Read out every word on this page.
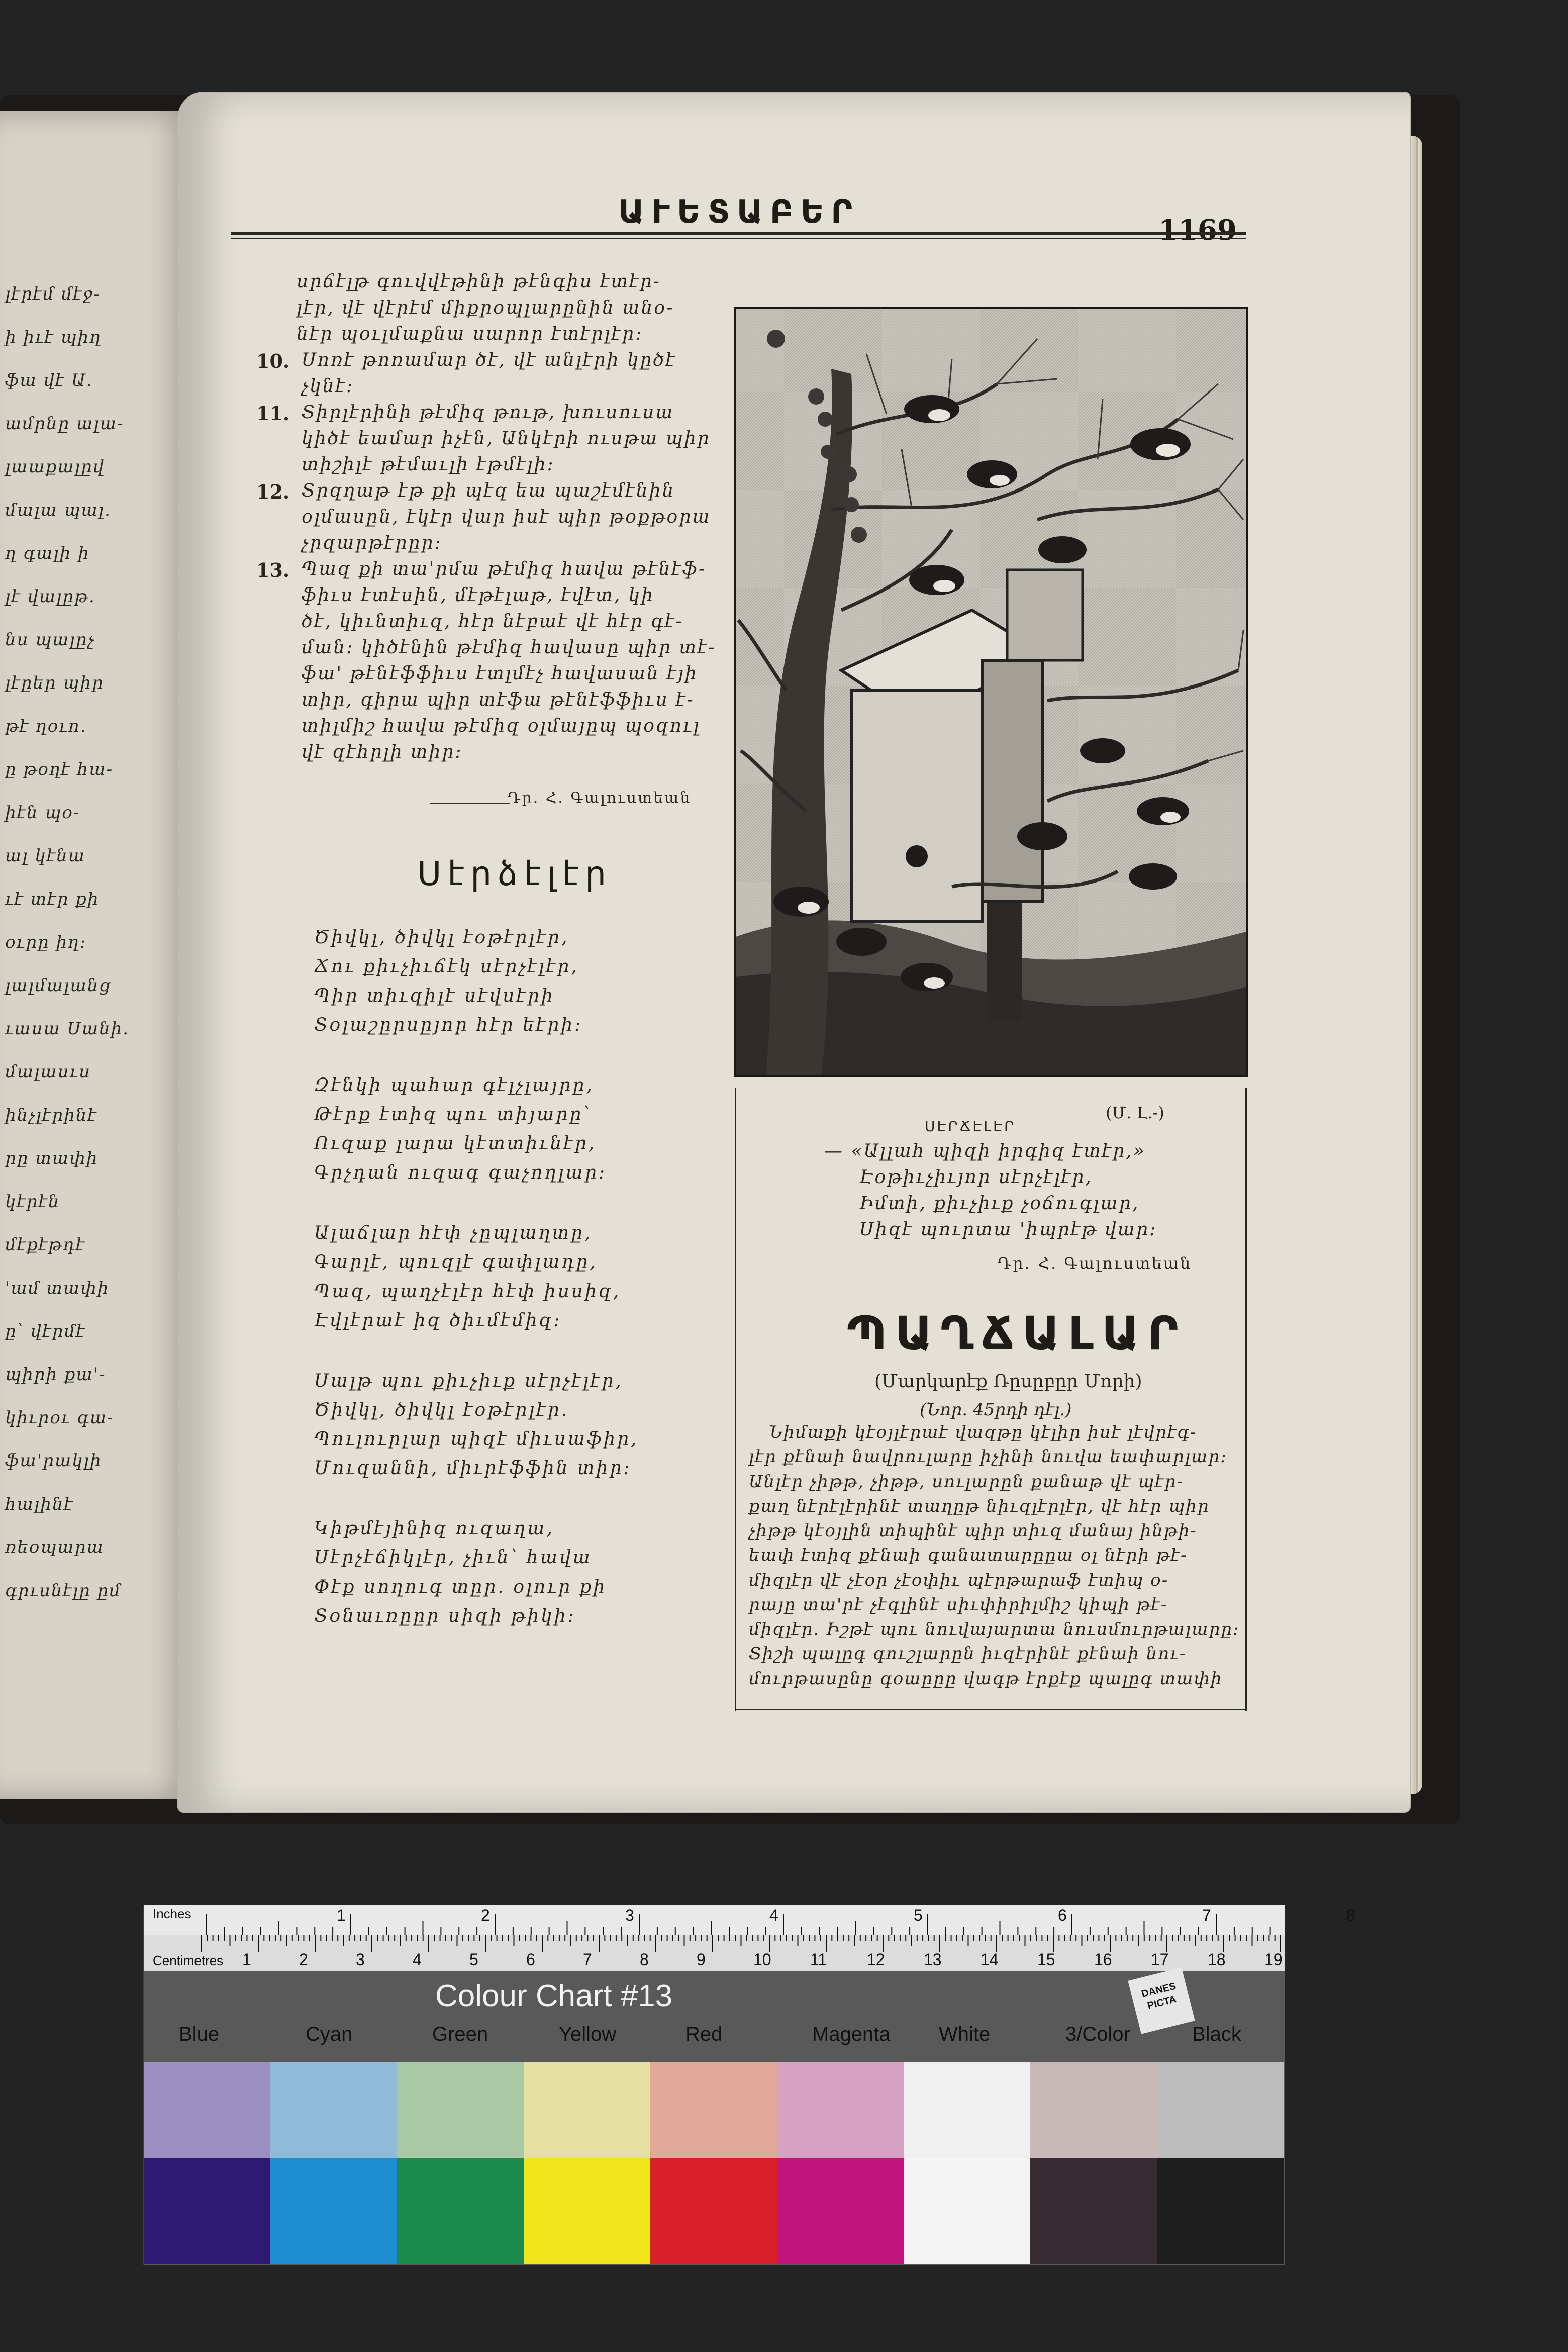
լէրէմ մէջ-
ի իւէ պիղ
ֆա վէ Ա.
ամրնը ալա-
լաաքալըվ
մալա պալ.
ղ գալի ի
լէ վալըթ.
նս պալըչ
լէըեր պիր
թէ ղօւո.
ը թօղէ հա-
իէն պօ-
ալ կէնա
ւէ տէր քի
օւրը իղ:
լալմալանց
ւասա Սանի.
մալասւս
ինչլէրինէ
րը տափի
կէրէն
մէքէթդէ
'ամ տափի
ը՝ վէրմէ
պիրի քա'-
կիւրօւ գա-
ֆա'րակլի
հալինէ
ռեօպարա
գրւսնէլը ըմ
ԱՒԵՏԱԲԵՐ	1169
Դր. Հ. Գալուստեան
Սէրձէլէր
(Մ. Լ.-)
ՍԷՐՃԷԼԷՐ
Դր. Հ. Գալուստեան
ՊԱՂՃԱԼԱՐ
(Մարկարէք Ռըսըբըր Մորի)
(Նոր. 45րդի դէլ.)
Inches
Centimetres
Colour Chart #13	DANES PICTA
1	2	3	4	5	6	7	8
1	2	3	4	5	6	7	8	9	10 11 12 13 14 15 16 17 18 19
Blue	Cyan	Green	Yellow	Red	Magenta White	3/Color	Black
սրճէլթ գուվվէթինի թէնգիս էտէր-
լէր, վէ վէրէմ միքրօպլարընին անօ-
նէր պօւլմաքնա սարոր էտէրլէր:
10. Սոռէ թոռամար ծէ, վէ անլէրի կըծէ
չկնէ:
11. Տիրլէրինի թէմիզ թութ, խուսուսա
կիծէ եամար իչէն, Անկէրի ուսթա պիր
տիշիլէ թէմաւլի էթմէլի:
12. Տրզղաթ էթ քի պէզ եա պաշէմէնին
օլմասըն, էկէր վար իսէ պիր թօքթօրա
չրզարթէրըր:
13. Պազ քի տա'րմա թէմիզ հավա թէնէֆ-
ֆիւս էտէսին, մէթէլաթ, էվէտ, կի
ծէ, կիւնտիւզ, հէր նէբաէ վէ հէր գէ-
ման: կիծէնին թէմիզ հավասը պիր տէ-
ֆա' թէնէֆֆիւս էտլմէչ հավասան էյի
տիր, գիրա պիր տէֆա թէնէֆֆիւս է-
տիլմիշ հավա թէմիզ օլմայըպ պօզուլ
վէ զէհրլի տիր:
Ծիվկլ, ծիվկլ էօթէրլէր,
Ճու քիւչիւճէկ սէրչէլէր,
Պիր տիւզիլէ սէվսէրի
Տօլաշըրսըյոր հէր եէրի:
Զէնկի պահար գէլչլայրը,
Թէրք էտիզ պու տիյարը՝
Ուզաք լարա կէտտիւնէր,
Գրչդան ուզագ գաչողլար:
Ալաճլար հէփ չըպլաղտը,
Գարլէ, պուզլէ գափլադը,
Պազ, պաղչէլէր հէփ իսսիզ,
Էվլէրաէ իզ ծիւմէմիզ:
Սալթ պու քիւչիւք սէրչէլէր,
Ծիվկլ, ծիվկլ էօթէրլէր.
Պուլուրլար պիզէ միւսաֆիր,
Մուզաննի, միւրէֆֆին տիր:
Կիթմէյինիզ ուզաղա,
Սէրչէճիկլէր, չիւն՝ հավա
Փէք սողուգ տըր. օլուր քի
Տօնաւռըըր սիզի թիկի:
— «Ալլահ պիզի իրգիզ էտէր,»
Էօթիւչիւյոր սէրչէլէր,
Իմտի, քիւչիւք չօճուգլար,
Սիզէ պուրտա 'իպրէթ վար:
Նիմաքի կէօյլէրաէ վազթը կէլիր իսէ լէվրէգ-
լէր քէնաի նավրուլարը իչինի նուվա եափարլար։
Անլէր չիթթ, չիթթ, սուլարըն քանաթ վէ պէր-
քաղ նէրէլէրինէ տաղըթ նիւզլէրլէր, վէ հէր պիր
չիթթ կէօյլին տիպինէ պիր տիւզ մանայ ինթի-
եափ էտիզ քէնաի գանատարըըա օլ նէրի թէ-
միզլէր վէ չէօր չէօփիւ պէրթարաֆ էտիպ օ-
րայը տա'րէ չէգլինէ սիւփիրիլմիշ կիպի թէ-
միզլէր. Իշթէ պու նուվայարտա նուսմուրթալարը։
Տիշի պալըգ գուշլարըն իւզէրինէ քէնաի նու-
մուրթասընը գօաըըը վագթ էրքէք պալըգ տափի
